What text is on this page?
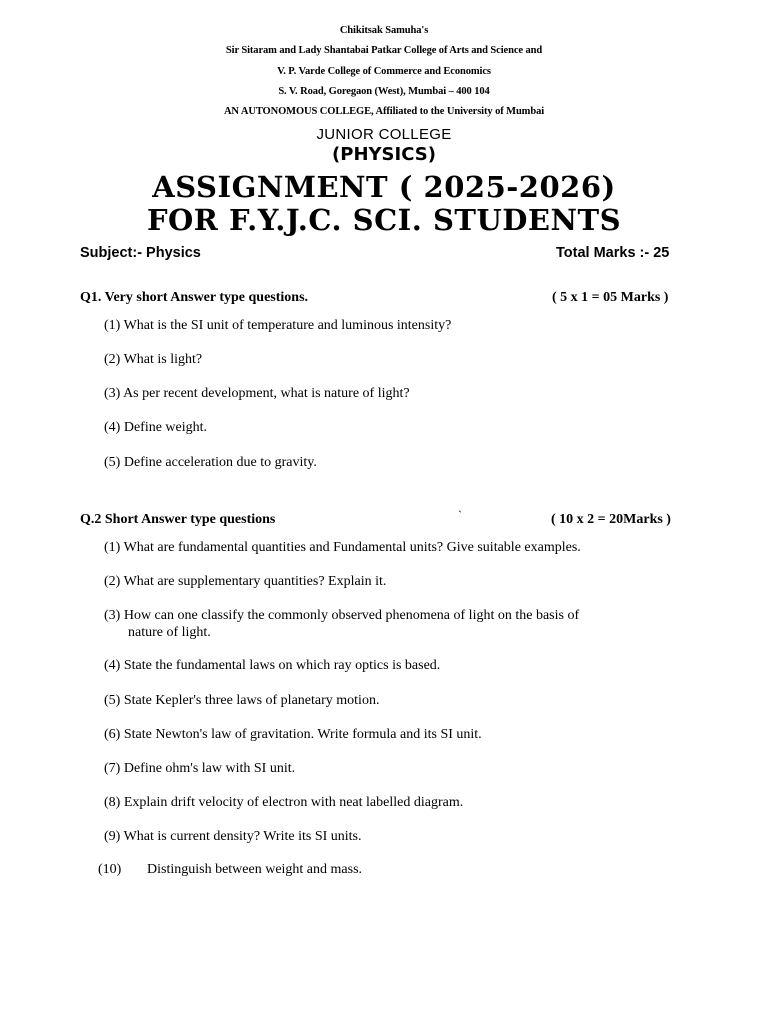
Chikitsak Samuha's
Sir Sitaram and Lady Shantabai Patkar College of Arts and Science and
V. P. Varde College of Commerce and Economics
S. V. Road, Goregaon (West), Mumbai – 400 104
AN AUTONOMOUS COLLEGE, Affiliated to the University of Mumbai
JUNIOR COLLEGE
(PHYSICS)
ASSIGNMENT ( 2025-2026)
FOR F.Y.J.C. SCI. STUDENTS
Subject:- Physics	Total Marks :- 25
Q1. Very short Answer type questions.	( 5 x 1 = 05 Marks )
(1) What is the SI unit of temperature and luminous intensity?
(2) What is light?
(3) As per recent development, what is nature of light?
(4) Define weight.
(5) Define acceleration due to gravity.
Q.2 Short Answer type questions	`	( 10 x 2 = 20Marks )
(1) What are fundamental quantities and Fundamental units? Give suitable examples.
(2) What are supplementary quantities? Explain it.
(3) How can one classify the commonly observed phenomena of light on the basis of
nature of light.
(4) State the fundamental laws on which ray optics is based.
(5) State Kepler's three laws of planetary motion.
(6) State Newton's law of gravitation. Write formula and its SI unit.
(7) Define ohm's law with SI unit.
(8) Explain drift velocity of electron with neat labelled diagram.
(9) What is current density? Write its SI units.
(10) Distinguish between weight and mass.
